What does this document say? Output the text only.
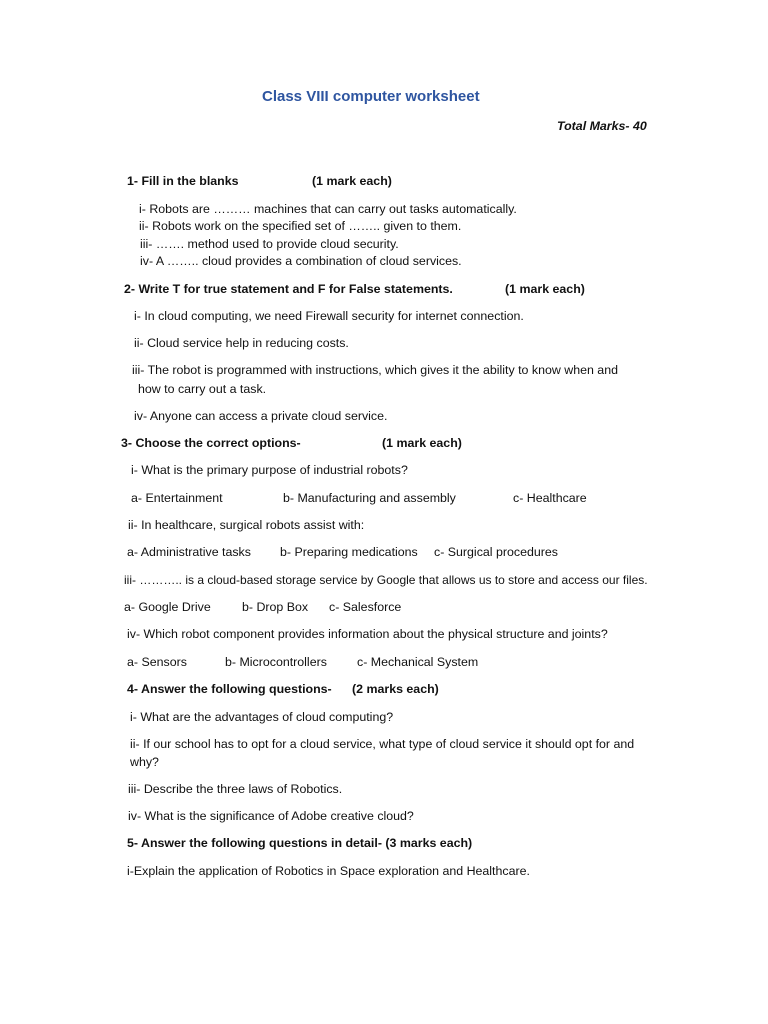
Class VIII computer worksheet
Total Marks- 40
1- Fill in the blanks	(1 mark each)
i- Robots are ……… machines that can carry out tasks automatically.
ii- Robots work on the specified set of …….. given to them.
iii- ……. method used to provide cloud security.
iv- A …….. cloud provides a combination of cloud services.
2- Write T for true statement and F for False statements.	(1 mark each)
i- In cloud computing, we need Firewall security for internet connection.
ii- Cloud service help in reducing costs.
iii- The robot is programmed with instructions, which gives it the ability to know when and
how to carry out a task.
iv- Anyone can access a private cloud service.
3- Choose the correct options-	(1 mark each)
i- What is the primary purpose of industrial robots?
a- Entertainment	b- Manufacturing and assembly	c- Healthcare
ii- In healthcare, surgical robots assist with:
a- Administrative tasks b- Preparing medications c- Surgical procedures
iii- ……….. is a cloud-based storage service by Google that allows us to store and access our files.
a- Google Drive	b- Drop Box c- Salesforce
iv- Which robot component provides information about the physical structure and joints?
a- Sensors	b- Microcontrollers c- Mechanical System
4- Answer the following questions- (2 marks each)
i- What are the advantages of cloud computing?
ii- If our school has to opt for a cloud service, what type of cloud service it should opt for and
why?
iii- Describe the three laws of Robotics.
iv- What is the significance of Adobe creative cloud?
5- Answer the following questions in detail- (3 marks each)
i-Explain the application of Robotics in Space exploration and Healthcare.
